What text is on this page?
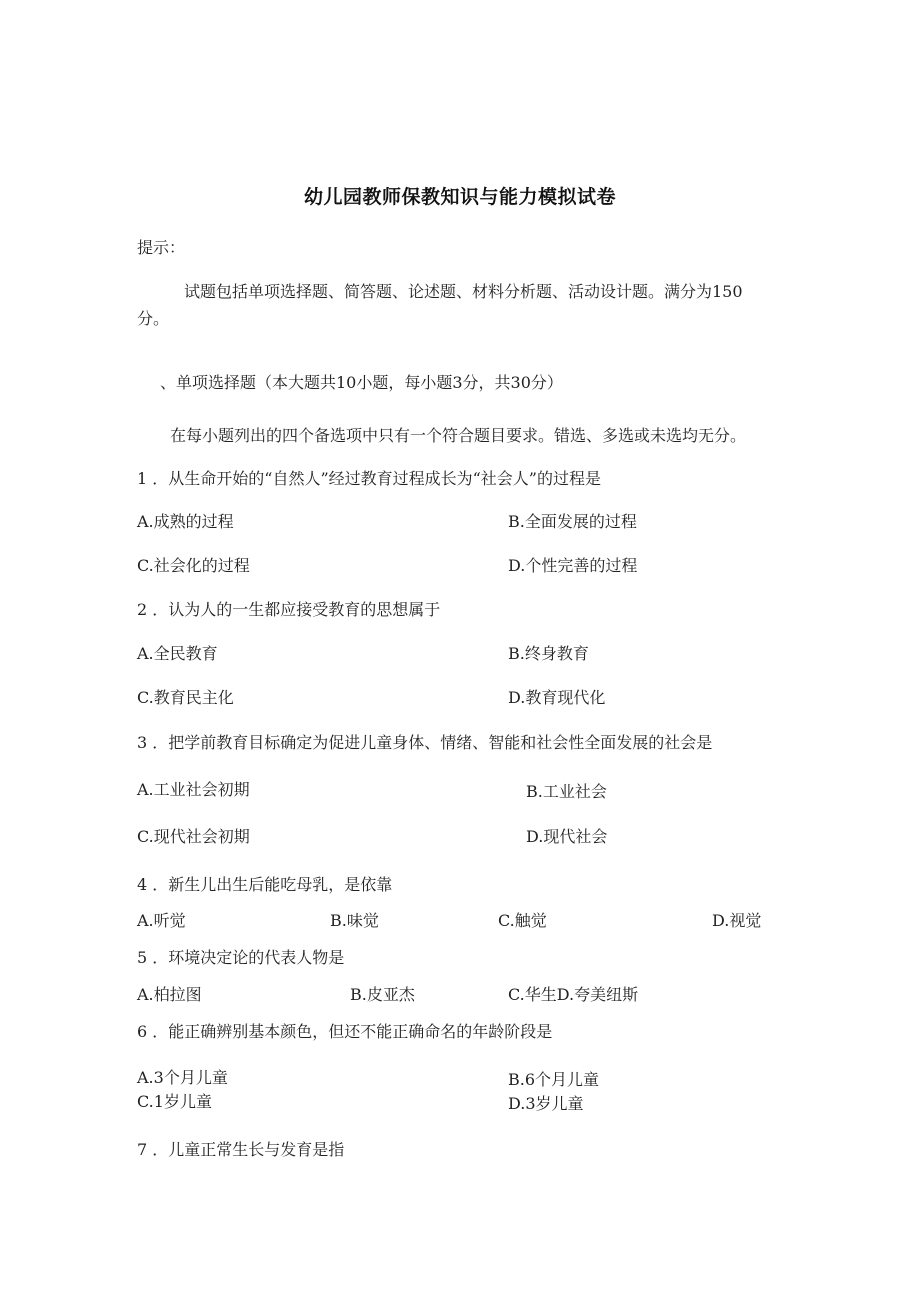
幼儿园教师保教知识与能力模拟试卷
提示：
试题包括单项选择题、简答题、论述题、材料分析题、活动设计题。满分为150
分。
、单项选择题（本大题共10小题，每小题3分，共30分）
在每小题列出的四个备选项中只有一个符合题目要求。错选、多选或未选均无分。
1 ．从生命开始的“自然人”经过教育过程成长为“社会人”的过程是
A.成熟的过程	B.全面发展的过程
C.社会化的过程	D.个性完善的过程
2 ．认为人的一生都应接受教育的思想属于
A.全民教育	B.终身教育
C.教育民主化	D.教育现代化
3 ．把学前教育目标确定为促进儿童身体、情绪、智能和社会性全面发展的社会是
A.工业社会初期	B.工业社会
C.现代社会初期	D.现代社会
4 ．新生儿出生后能吃母乳，是依靠
A.听觉	B.味觉	C.触觉	D.视觉
5 ．环境决定论的代表人物是
A.柏拉图	B.皮亚杰	C.华生D.夸美纽斯
6 ．能正确辨别基本颜色，但还不能正确命名的年龄阶段是
A.3个月儿童	B.6个月儿童
C.1岁儿童	D.3岁儿童
7 ．儿童正常生长与发育是指
